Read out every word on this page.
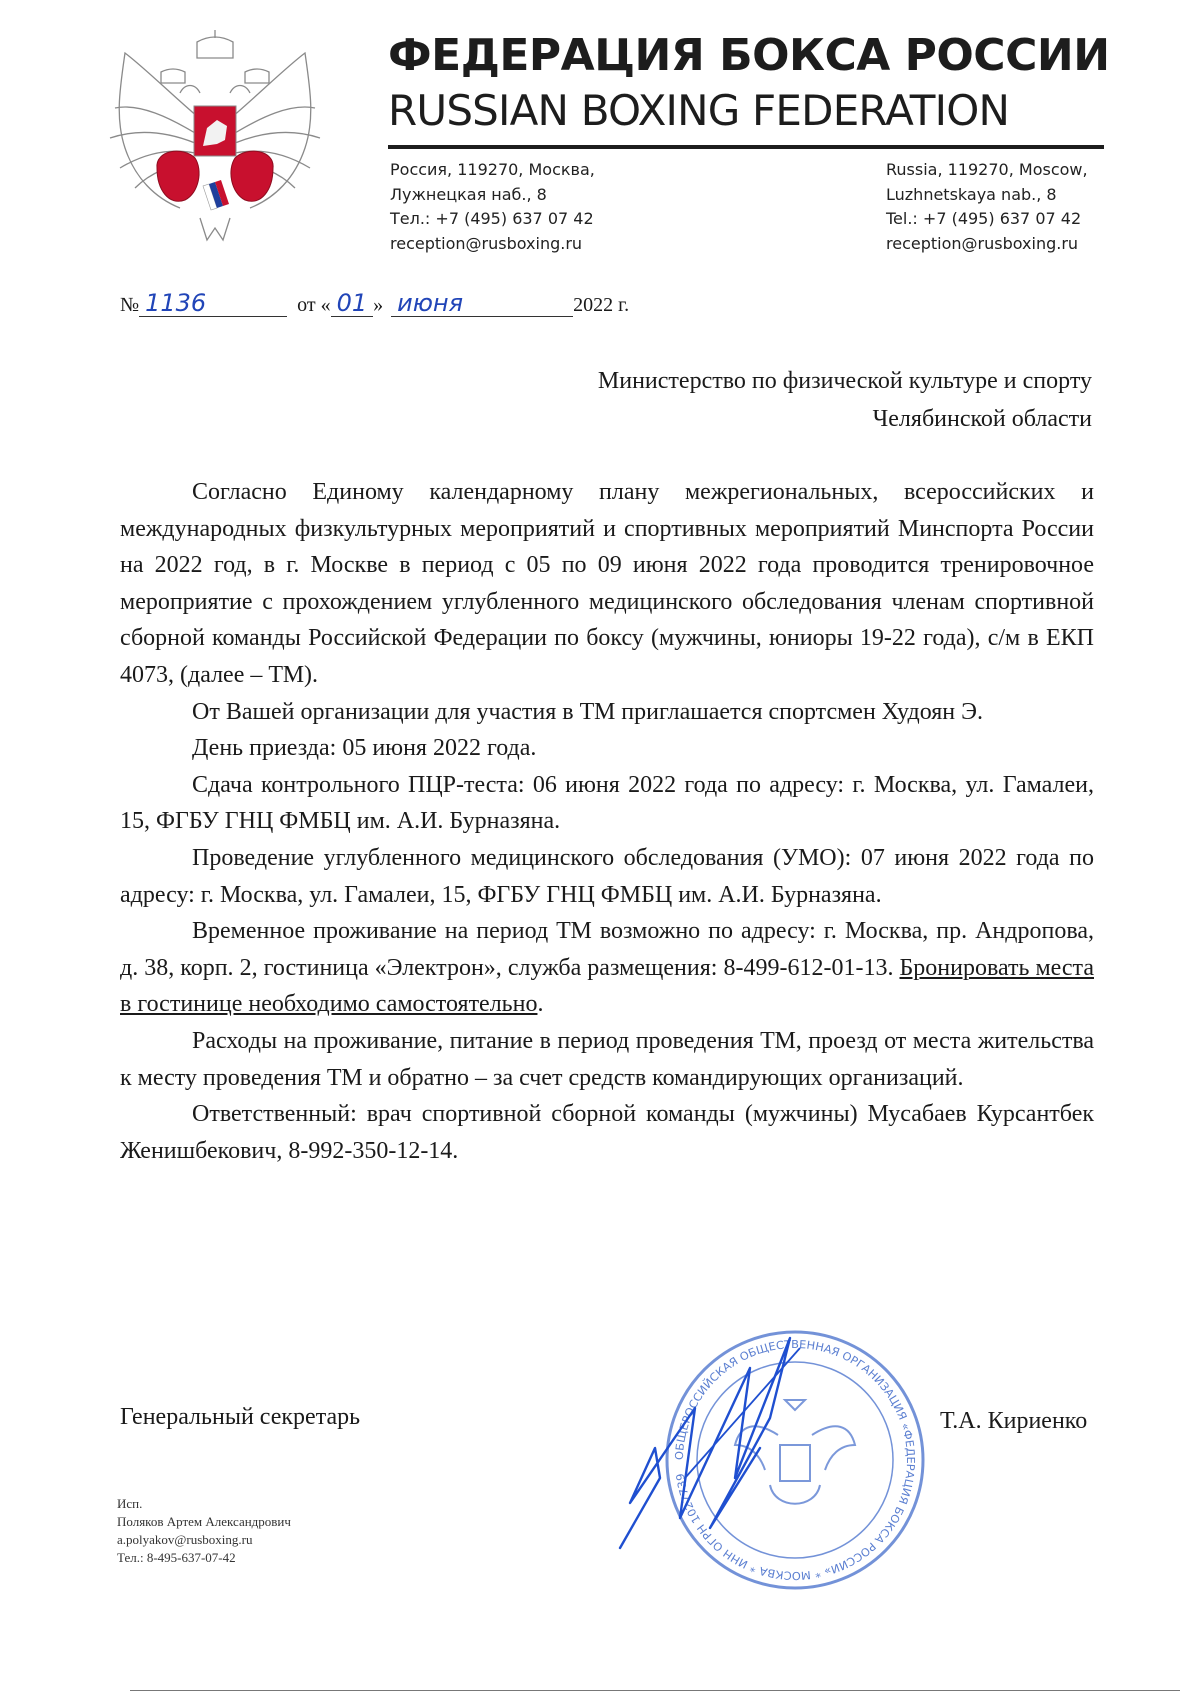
ФЕДЕРАЦИЯ БОКСА РОССИИ
RUSSIAN BOXING FEDERATION
Россия, 119270, Москва,
Лужнецкая наб., 8
Тел.: +7 (495) 637 07 42
reception@rusboxing.ru
Russia, 119270, Moscow,
Luzhnetskaya nab., 8
Tel.: +7 (495) 637 07 42
reception@rusboxing.ru
№ 1136	от « 01 » июня	2022 г.
Министерство по физической культуре и спорту
Челябинской области

Согласно Единому календарному плану межрегиональных, всероссийских и международных физкультурных мероприятий и спортивных мероприятий Минспорта России на 2022 год, в г. Москве в период с 05 по 09 июня 2022 года проводится тренировочное мероприятие с прохождением углубленного медицинского обследования членам спортивной сборной команды Российской Федерации по боксу (мужчины, юниоры 19-22 года), с/м в ЕКП 4073, (далее – ТМ).

От Вашей организации для участия в ТМ приглашается спортсмен Худоян Э.

День приезда: 05 июня 2022 года.

Сдача контрольного ПЦР-теста: 06 июня 2022 года по адресу: г. Москва, ул. Гамалеи, 15, ФГБУ ГНЦ ФМБЦ им. А.И. Бурназяна.

Проведение углубленного медицинского обследования (УМО): 07 июня 2022 года по адресу: г. Москва, ул. Гамалеи, 15, ФГБУ ГНЦ ФМБЦ им. А.И. Бурназяна.

Временное проживание на период ТМ возможно по адресу: г. Москва, пр. Андропова, д. 38, корп. 2, гостиница «Электрон», служба размещения: 8-499-612-01-13. Бронировать места в гостинице необходимо самостоятельно.

Расходы на проживание, питание в период проведения ТМ, проезд от места жительства к месту проведения ТМ и обратно – за счет средств командирующих организаций.

Ответственный: врач спортивной сборной команды (мужчины) Мусабаев Курсантбек Женишбекович, 8-992-350-12-14.

Генеральный секретарь
ОБЩЕРОССИЙСКАЯ ОБЩЕСТВЕННАЯ ОРГАНИЗАЦИЯ «ФЕДЕРАЦИЯ БОКСА РОССИИ» * МОСКВА * ИНН ОГРН 1027739
Т.А. Кириенко
Исп.
Поляков Артем Александрович
a.polyakov@rusboxing.ru
Тел.: 8-495-637-07-42
